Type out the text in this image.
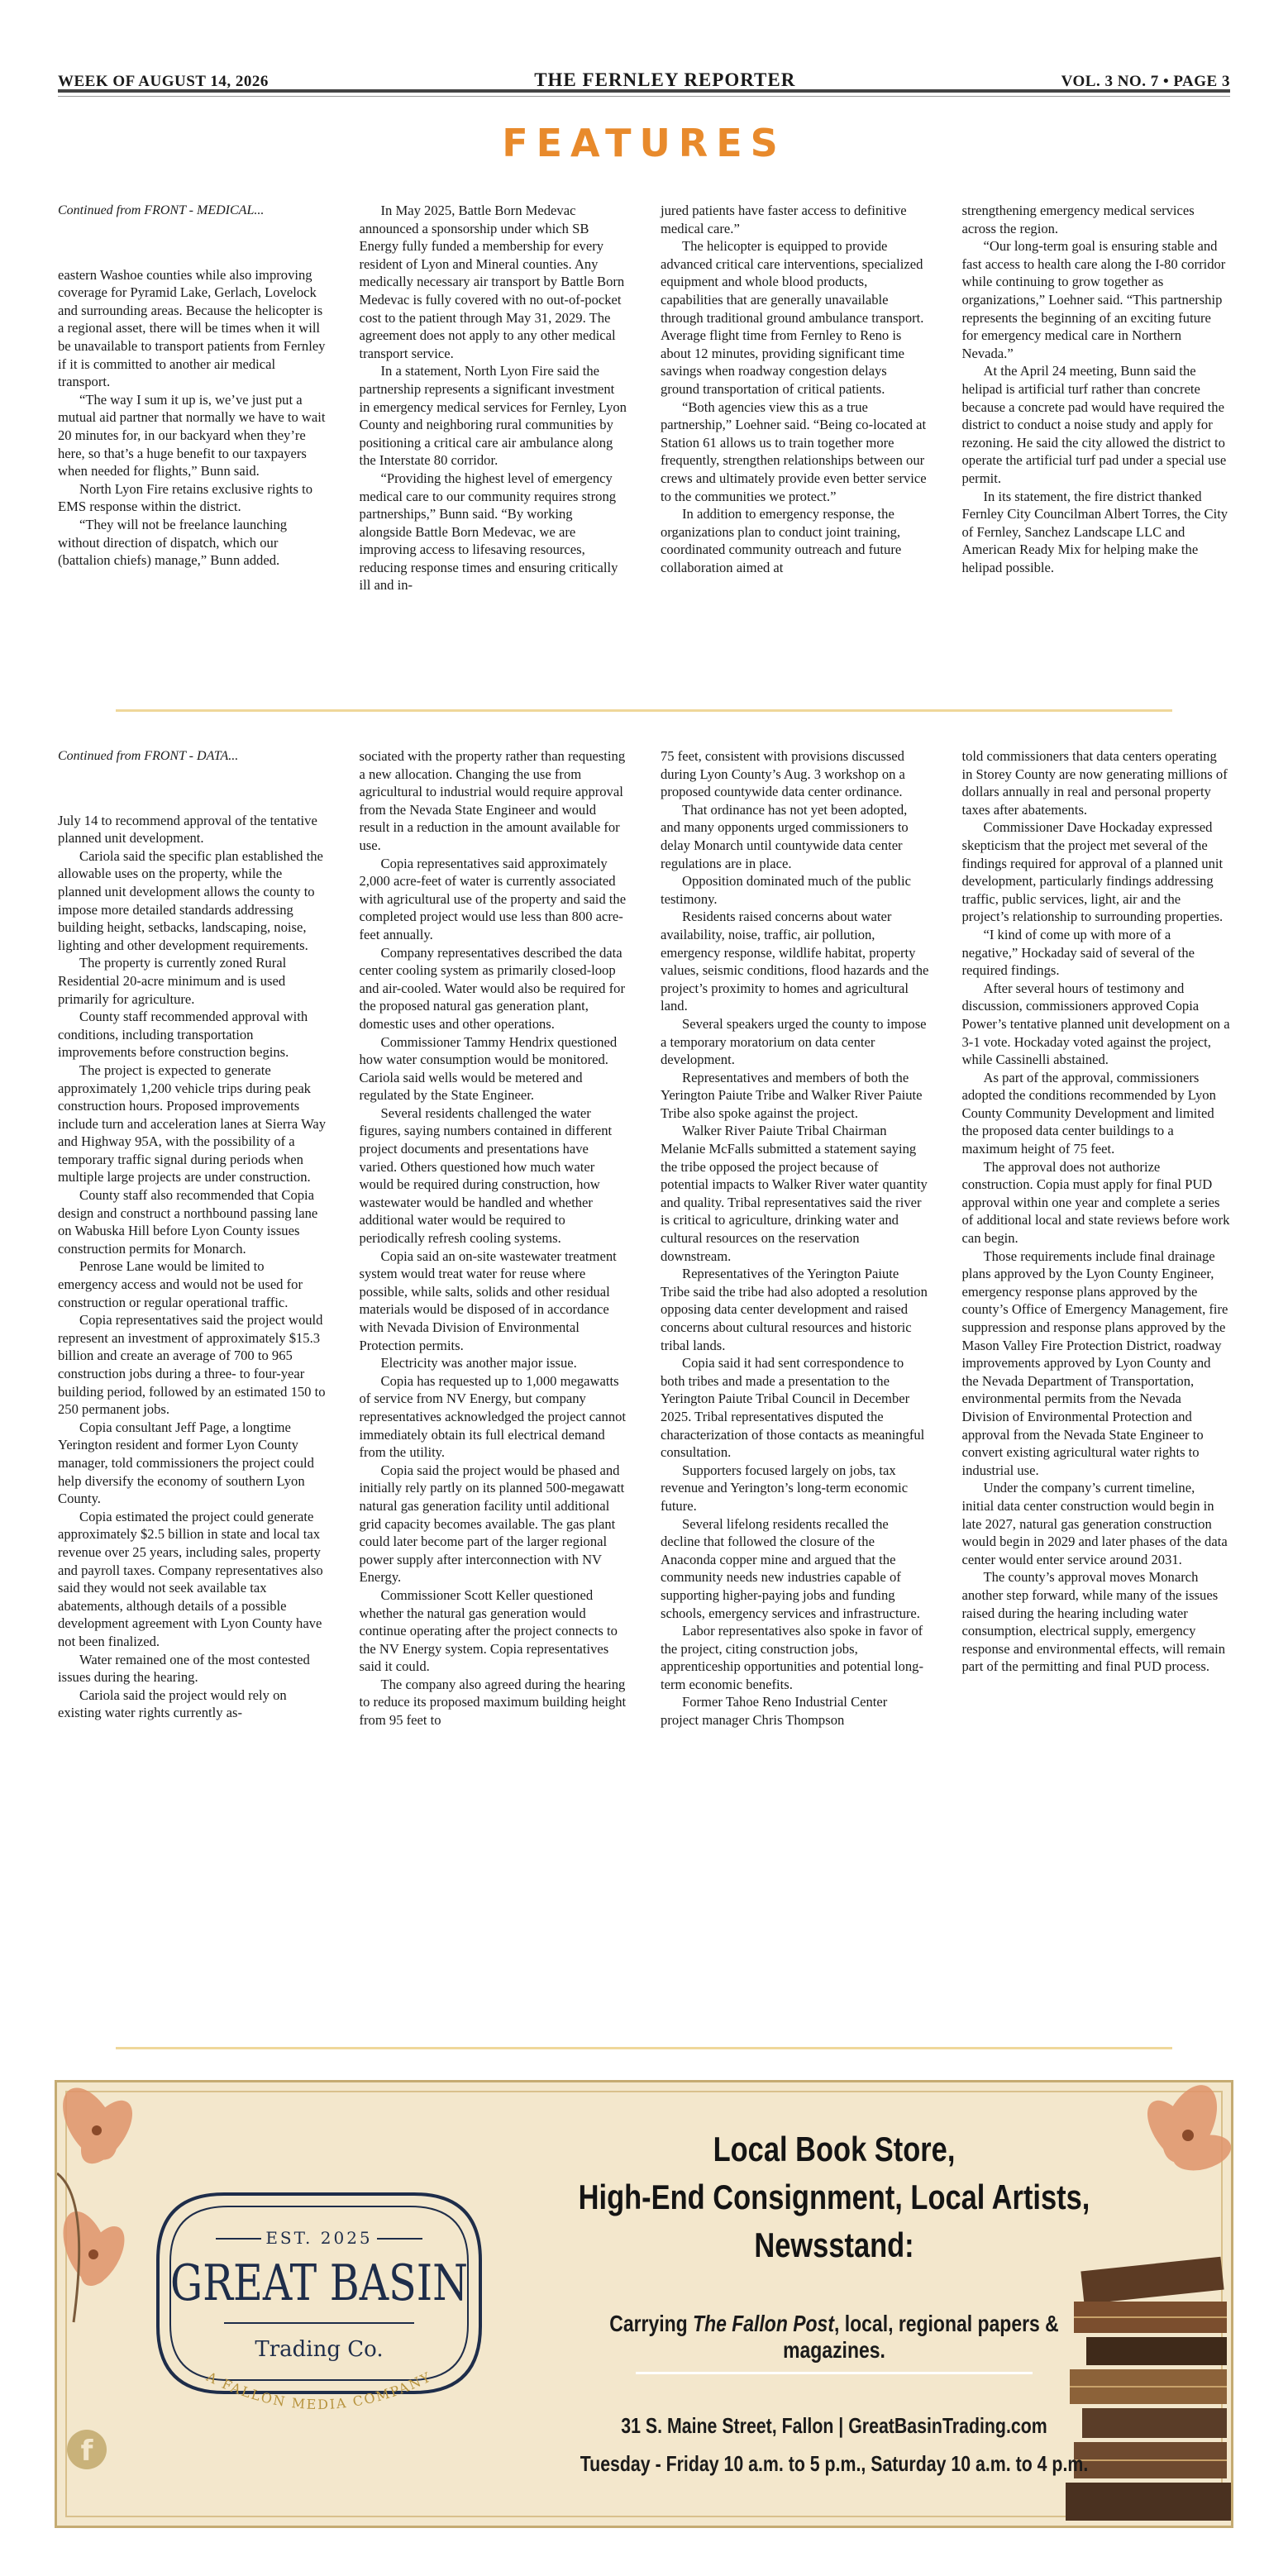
WEEK OF AUGUST 14, 2026	THE FERNLEY REPORTER	VOL. 3 NO. 7 • PAGE 3
FEATURES

Continued from FRONT - MEDICAL...

eastern Washoe counties while also improving coverage for Pyramid Lake, Gerlach, Lovelock and surrounding areas. Because the helicopter is a regional asset, there will be times when it will be unavailable to transport patients from Fernley if it is committed to another air medical transport.

“The way I sum it up is, we’ve just put a mutual aid partner that normally we have to wait 20 minutes for, in our backyard when they’re here, so that’s a huge benefit to our taxpayers when needed for flights,” Bunn said.

North Lyon Fire retains exclusive rights to EMS response within the district.

“They will not be freelance launching without direction of dispatch, which our (battalion chiefs) manage,” Bunn added.

In May 2025, Battle Born Medevac announced a sponsorship under which SB Energy fully funded a membership for every resident of Lyon and Mineral counties. Any medically necessary air transport by Battle Born Medevac is fully covered with no out-of-pocket cost to the patient through May 31, 2029. The agreement does not apply to any other medical transport service.

In a statement, North Lyon Fire said the partnership represents a significant investment in emergency medical services for Fernley, Lyon County and neighboring rural communities by positioning a critical care air ambulance along the Interstate 80 corridor.

“Providing the highest level of emergency medical care to our community requires strong partnerships,” Bunn said. “By working alongside Battle Born Medevac, we are improving access to lifesaving resources, reducing response times and ensuring critically ill and in-

jured patients have faster access to definitive medical care.”

The helicopter is equipped to provide advanced critical care interventions, specialized equipment and whole blood products, capabilities that are generally unavailable through traditional ground ambulance transport. Average flight time from Fernley to Reno is about 12 minutes, providing significant time savings when roadway congestion delays ground transportation of critical patients.

“Both agencies view this as a true partnership,” Loehner said. “Being co-located at Station 61 allows us to train together more frequently, strengthen relationships between our crews and ultimately provide even better service to the communities we protect.”

In addition to emergency response, the organizations plan to conduct joint training, coordinated community outreach and future collaboration aimed at

strengthening emergency medical services across the region.

“Our long-term goal is ensuring stable and fast access to health care along the I-80 corridor while continuing to grow together as organizations,” Loehner said. “This partnership represents the beginning of an exciting future for emergency medical care in Northern Nevada.”

At the April 24 meeting, Bunn said the helipad is artificial turf rather than concrete because a concrete pad would have required the district to conduct a noise study and apply for rezoning. He said the city allowed the district to operate the artificial turf pad under a special use permit.

In its statement, the fire district thanked Fernley City Councilman Albert Torres, the City of Fernley, Sanchez Landscape LLC and American Ready Mix for helping make the helipad possible.

Continued from FRONT - DATA...

July 14 to recommend approval of the tentative planned unit development.

Cariola said the specific plan established the allowable uses on the property, while the planned unit development allows the county to impose more detailed standards addressing building height, setbacks, landscaping, noise, lighting and other development requirements.

The property is currently zoned Rural Residential 20-acre minimum and is used primarily for agriculture.

County staff recommended approval with conditions, including transportation improvements before construction begins.

The project is expected to generate approximately 1,200 vehicle trips during peak construction hours. Proposed improvements include turn and acceleration lanes at Sierra Way and Highway 95A, with the possibility of a temporary traffic signal during periods when multiple large projects are under construction.

County staff also recommended that Copia design and construct a northbound passing lane on Wabuska Hill before Lyon County issues construction permits for Monarch.

Penrose Lane would be limited to emergency access and would not be used for construction or regular operational traffic.

Copia representatives said the project would represent an investment of approximately $15.3 billion and create an average of 700 to 965 construction jobs during a three- to four-year building period, followed by an estimated 150 to 250 permanent jobs.

Copia consultant Jeff Page, a longtime Yerington resident and former Lyon County manager, told commissioners the project could help diversify the economy of southern Lyon County.

Copia estimated the project could generate approximately $2.5 billion in state and local tax revenue over 25 years, including sales, property and payroll taxes. Company representatives also said they would not seek available tax abatements, although details of a possible development agreement with Lyon County have not been finalized.

Water remained one of the most contested issues during the hearing.

Cariola said the project would rely on existing water rights currently as-

sociated with the property rather than requesting a new allocation. Changing the use from agricultural to industrial would require approval from the Nevada State Engineer and would result in a reduction in the amount available for use.

Copia representatives said approximately 2,000 acre-feet of water is currently associated with agricultural use of the property and said the completed project would use less than 800 acre-feet annually.

Company representatives described the data center cooling system as primarily closed-loop and air-cooled. Water would also be required for the proposed natural gas generation plant, domestic uses and other operations.

Commissioner Tammy Hendrix questioned how water consumption would be monitored. Cariola said wells would be metered and regulated by the State Engineer.

Several residents challenged the water figures, saying numbers contained in different project documents and presentations have varied. Others questioned how much water would be required during construction, how wastewater would be handled and whether additional water would be required to periodically refresh cooling systems.

Copia said an on-site wastewater treatment system would treat water for reuse where possible, while salts, solids and other residual materials would be disposed of in accordance with Nevada Division of Environmental Protection permits.

Electricity was another major issue.

Copia has requested up to 1,000 megawatts of service from NV Energy, but company representatives acknowledged the project cannot immediately obtain its full electrical demand from the utility.

Copia said the project would be phased and initially rely partly on its planned 500-megawatt natural gas generation facility until additional grid capacity becomes available. The gas plant could later become part of the larger regional power supply after interconnection with NV Energy.

Commissioner Scott Keller questioned whether the natural gas generation would continue operating after the project connects to the NV Energy system. Copia representatives said it could.

The company also agreed during the hearing to reduce its proposed maximum building height from 95 feet to

75 feet, consistent with provisions discussed during Lyon County’s Aug. 3 workshop on a proposed countywide data center ordinance.

That ordinance has not yet been adopted, and many opponents urged commissioners to delay Monarch until countywide data center regulations are in place.

Opposition dominated much of the public testimony.

Residents raised concerns about water availability, noise, traffic, air pollution, emergency response, wildlife habitat, property values, seismic conditions, flood hazards and the project’s proximity to homes and agricultural land.

Several speakers urged the county to impose a temporary moratorium on data center development.

Representatives and members of both the Yerington Paiute Tribe and Walker River Paiute Tribe also spoke against the project.

Walker River Paiute Tribal Chairman Melanie McFalls submitted a statement saying the tribe opposed the project because of potential impacts to Walker River water quantity and quality. Tribal representatives said the river is critical to agriculture, drinking water and cultural resources on the reservation downstream.

Representatives of the Yerington Paiute Tribe said the tribe had also adopted a resolution opposing data center development and raised concerns about cultural resources and historic tribal lands.

Copia said it had sent correspondence to both tribes and made a presentation to the Yerington Paiute Tribal Council in December 2025. Tribal representatives disputed the characterization of those contacts as meaningful consultation.

Supporters focused largely on jobs, tax revenue and Yerington’s long-term economic future.

Several lifelong residents recalled the decline that followed the closure of the Anaconda copper mine and argued that the community needs new industries capable of supporting higher-paying jobs and funding schools, emergency services and infrastructure.

Labor representatives also spoke in favor of the project, citing construction jobs, apprenticeship opportunities and potential long-term economic benefits.

Former Tahoe Reno Industrial Center project manager Chris Thompson

told commissioners that data centers operating in Storey County are now generating millions of dollars annually in real and personal property taxes after abatements.

Commissioner Dave Hockaday expressed skepticism that the project met several of the findings required for approval of a planned unit development, particularly findings addressing traffic, public services, light, air and the project’s relationship to surrounding properties.

“I kind of come up with more of a negative,” Hockaday said of several of the required findings.

After several hours of testimony and discussion, commissioners approved Copia Power’s tentative planned unit development on a 3-1 vote. Hockaday voted against the project, while Cassinelli abstained.

As part of the approval, commissioners adopted the conditions recommended by Lyon County Community Development and limited the proposed data center buildings to a maximum height of 75 feet.

The approval does not authorize construction. Copia must apply for final PUD approval within one year and complete a series of additional local and state reviews before work can begin.

Those requirements include final drainage plans approved by the Lyon County Engineer, emergency response plans approved by the county’s Office of Emergency Management, fire suppression and response plans approved by the Mason Valley Fire Protection District, roadway improvements approved by Lyon County and the Nevada Department of Transportation, environmental permits from the Nevada Division of Environmental Protection and approval from the Nevada State Engineer to convert existing agricultural water rights to industrial use.

Under the company’s current timeline, initial data center construction would begin in late 2027, natural gas generation construction would begin in 2029 and later phases of the data center would enter service around 2031.

The county’s approval moves Monarch another step forward, while many of the issues raised during the hearing including water consumption, electrical supply, emergency response and environmental effects, will remain part of the permitting and final PUD process.

EST. 2025
GREAT BASIN
Trading Co.
A FALLON MEDIA COMPANY
f
Local Book Store,
High-End Consignment, Local Artists,
Newsstand:
Carrying The Fallon Post, local, regional papers & magazines.
31 S. Maine Street, Fallon | GreatBasinTrading.com
Tuesday - Friday 10 a.m. to 5 p.m., Saturday 10 a.m. to 4 p.m.
